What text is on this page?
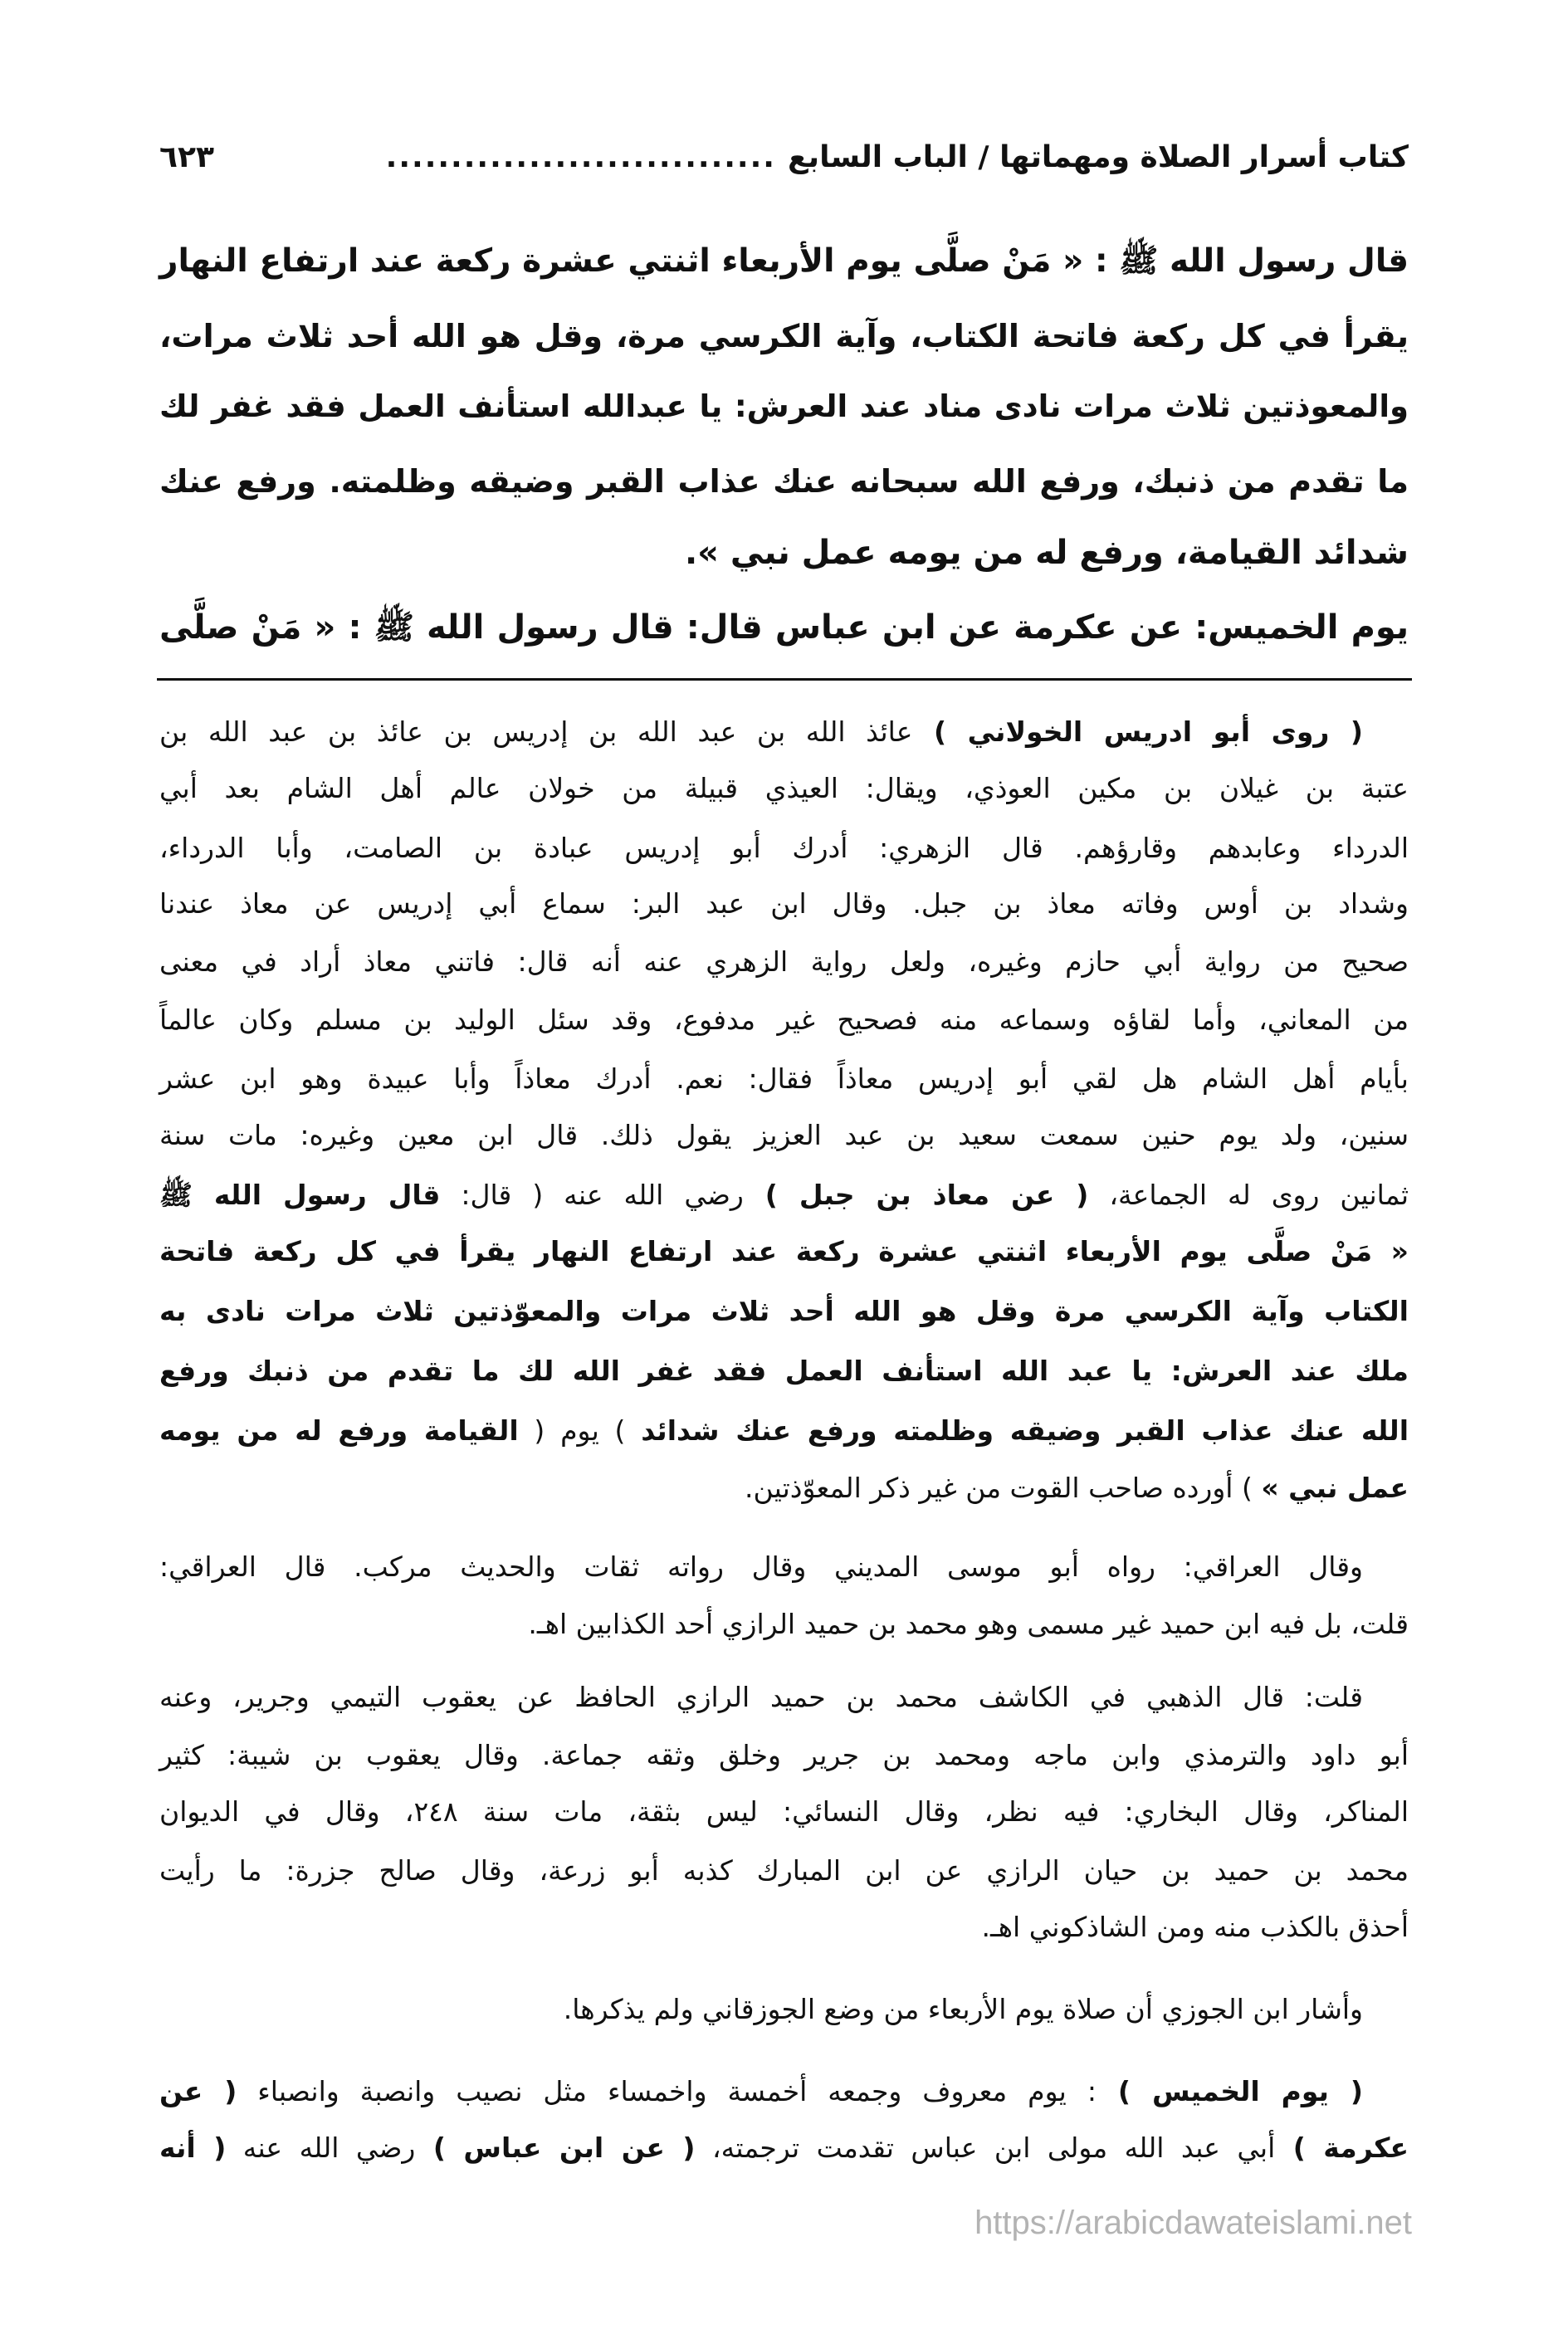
كتاب أسرار الصلاة ومهماتها / الباب السابع
..............................
٦٢٣
قال رسول الله ﷺ : « مَنْ صلَّى يوم الأربعاء اثنتي عشرة ركعة عند ارتفاع النهار
يقرأ في كل ركعة فاتحة الكتاب، وآية الكرسي مرة، وقل هو الله أحد ثلاث مرات،
والمعوذتين ثلاث مرات نادى مناد عند العرش: يا عبدالله استأنف العمل فقد غفر لك
ما تقدم من ذنبك، ورفع الله سبحانه عنك عذاب القبر وضيقه وظلمته. ورفع عنك
شدائد القيامة، ورفع له من يومه عمل نبي ».
يوم الخميس: عن عكرمة عن ابن عباس قال: قال رسول الله ﷺ : « مَنْ صلَّى
( روى أبو ادريس الخولاني ) عائذ الله بن عبد الله بن إدريس بن عائذ بن عبد الله بن
عتبة بن غيلان بن مكين العوذي، ويقال: العيذي قبيلة من خولان عالم أهل الشام بعد أبي
الدرداء وعابدهم وقارؤهم. قال الزهري: أدرك أبو إدريس عبادة بن الصامت، وأبا الدرداء،
وشداد بن أوس وفاته معاذ بن جبل. وقال ابن عبد البر: سماع أبي إدريس عن معاذ عندنا
صحيح من رواية أبي حازم وغيره، ولعل رواية الزهري عنه أنه قال: فاتني معاذ أراد في معنى
من المعاني، وأما لقاؤه وسماعه منه فصحيح غير مدفوع، وقد سئل الوليد بن مسلم وكان عالماً
بأيام أهل الشام هل لقي أبو إدريس معاذاً فقال: نعم. أدرك معاذاً وأبا عبيدة وهو ابن عشر
سنين، ولد يوم حنين سمعت سعيد بن عبد العزيز يقول ذلك. قال ابن معين وغيره: مات سنة
ثمانين روى له الجماعة، ( عن معاذ بن جبل ) رضي الله عنه ( قال: قال رسول الله ﷺ
« مَنْ صلَّى يوم الأربعاء اثنتي عشرة ركعة عند ارتفاع النهار يقرأ في كل ركعة فاتحة
الكتاب وآية الكرسي مرة وقل هو الله أحد ثلاث مرات والمعوّذتين ثلاث مرات نادى به
ملك عند العرش: يا عبد الله استأنف العمل فقد غفر الله لك ما تقدم من ذنبك ورفع
الله عنك عذاب القبر وضيقه وظلمته ورفع عنك شدائد ) يوم ( القيامة ورفع له من يومه
عمل نبي » ) أورده صاحب القوت من غير ذكر المعوّذتين.
وقال العراقي: رواه أبو موسى المديني وقال رواته ثقات والحديث مركب. قال العراقي:
قلت، بل فيه ابن حميد غير مسمى وهو محمد بن حميد الرازي أحد الكذابين اهـ.
قلت: قال الذهبي في الكاشف محمد بن حميد الرازي الحافظ عن يعقوب التيمي وجرير، وعنه
أبو داود والترمذي وابن ماجه ومحمد بن جرير وخلق وثقه جماعة. وقال يعقوب بن شيبة: كثير
المناكر، وقال البخاري: فيه نظر، وقال النسائي: ليس بثقة، مات سنة ٢٤٨، وقال في الديوان
محمد بن حميد بن حيان الرازي عن ابن المبارك كذبه أبو زرعة، وقال صالح جزرة: ما رأيت
أحذق بالكذب منه ومن الشاذكوني اهـ.
وأشار ابن الجوزي أن صلاة يوم الأربعاء من وضع الجوزقاني ولم يذكرها.
( يوم الخميس ) : يوم معروف وجمعه أخمسة واخمساء مثل نصيب وانصبة وانصباء ( عن
عكرمة ) أبي عبد الله مولى ابن عباس تقدمت ترجمته، ( عن ابن عباس ) رضي الله عنه ( أنه
https://arabicdawateislami.net
